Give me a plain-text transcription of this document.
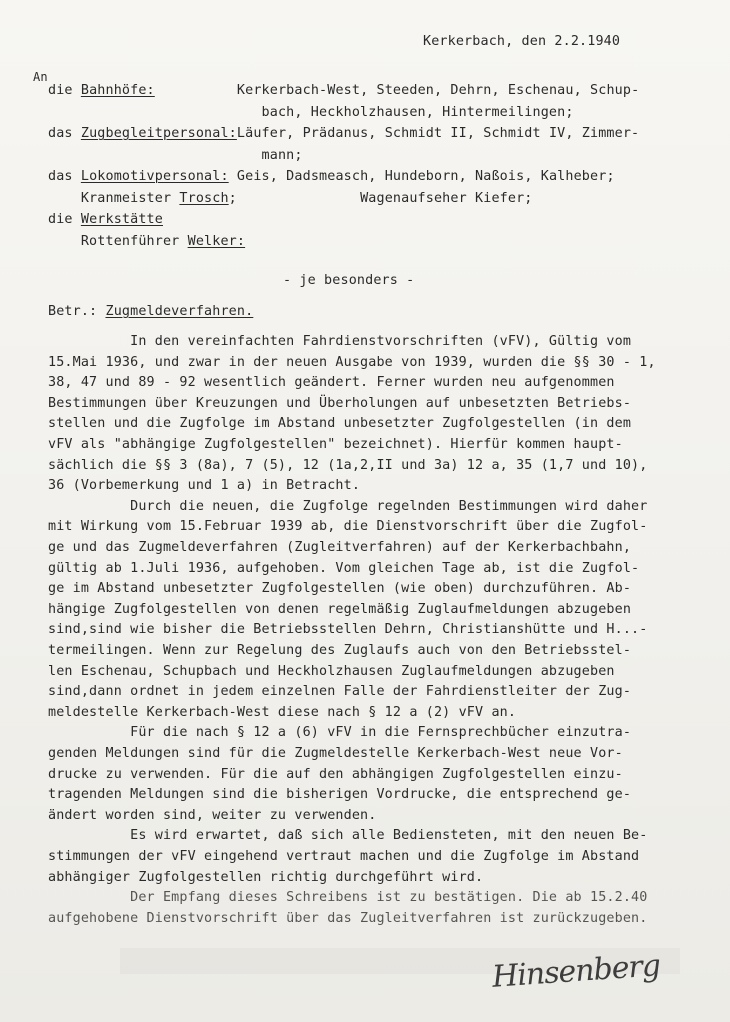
Kerkerbach, den 2.2.1940
An
die Bahnhöfe:	Kerkerbach-West, Steeden, Dehrn, Eschenau, Schup-
bach, Heckholzhausen, Hintermeilingen;
das Zugbegleitpersonal:Läufer, Prädanus, Schmidt II, Schmidt IV, Zimmer-
mann;
das Lokomotivpersonal: Geis, Dadsmeasch, Hundeborn, Naßois, Kalheber;
Kranmeister Trosch;               Wagenaufseher Kiefer;
die Werkstätte
Rottenführer Welker:
- je besonders -
Betr.: Zugmeldeverfahren.
In den vereinfachten Fahrdienstvorschriften (vFV), Gültig vom
15.Mai 1936, und zwar in der neuen Ausgabe von 1939, wurden die §§ 30 - 1,
38, 47 und 89 - 92 wesentlich geändert. Ferner wurden neu aufgenommen
Bestimmungen über Kreuzungen und Überholungen auf unbesetzten Betriebs-
stellen und die Zugfolge im Abstand unbesetzter Zugfolgestellen (in dem
vFV als "abhängige Zugfolgestellen" bezeichnet). Hierfür kommen haupt-
sächlich die §§ 3 (8a), 7 (5), 12 (1a,2,II und 3a) 12 a, 35 (1,7 und 10),
36 (Vorbemerkung und 1 a) in Betracht.
Durch die neuen, die Zugfolge regelnden Bestimmungen wird daher
mit Wirkung vom 15.Februar 1939 ab, die Dienstvorschrift über die Zugfol-
ge und das Zugmeldeverfahren (Zugleitverfahren) auf der Kerkerbachbahn,
gültig ab 1.Juli 1936, aufgehoben. Vom gleichen Tage ab, ist die Zugfol-
ge im Abstand unbesetzter Zugfolgestellen (wie oben) durchzuführen. Ab-
hängige Zugfolgestellen von denen regelmäßig Zuglaufmeldungen abzugeben
sind,sind wie bisher die Betriebsstellen Dehrn, Christianshütte und H...-
termeilingen. Wenn zur Regelung des Zuglaufs auch von den Betriebsstel-
len Eschenau, Schupbach und Heckholzhausen Zuglaufmeldungen abzugeben
sind,dann ordnet in jedem einzelnen Falle der Fahrdienstleiter der Zug-
meldestelle Kerkerbach-West diese nach § 12 a (2) vFV an.
Für die nach § 12 a (6) vFV in die Fernsprechbücher einzutra-
genden Meldungen sind für die Zugmeldestelle Kerkerbach-West neue Vor-
drucke zu verwenden. Für die auf den abhängigen Zugfolgestellen einzu-
tragenden Meldungen sind die bisherigen Vordrucke, die entsprechend ge-
ändert worden sind, weiter zu verwenden.
Es wird erwartet, daß sich alle Bediensteten, mit den neuen Be-
stimmungen der vFV eingehend vertraut machen und die Zugfolge im Abstand
abhängiger Zugfolgestellen richtig durchgeführt wird.
Der Empfang dieses Schreibens ist zu bestätigen. Die ab 15.2.40
aufgehobene Dienstvorschrift über das Zugleitverfahren ist zurückzugeben.
Hinsenberg
